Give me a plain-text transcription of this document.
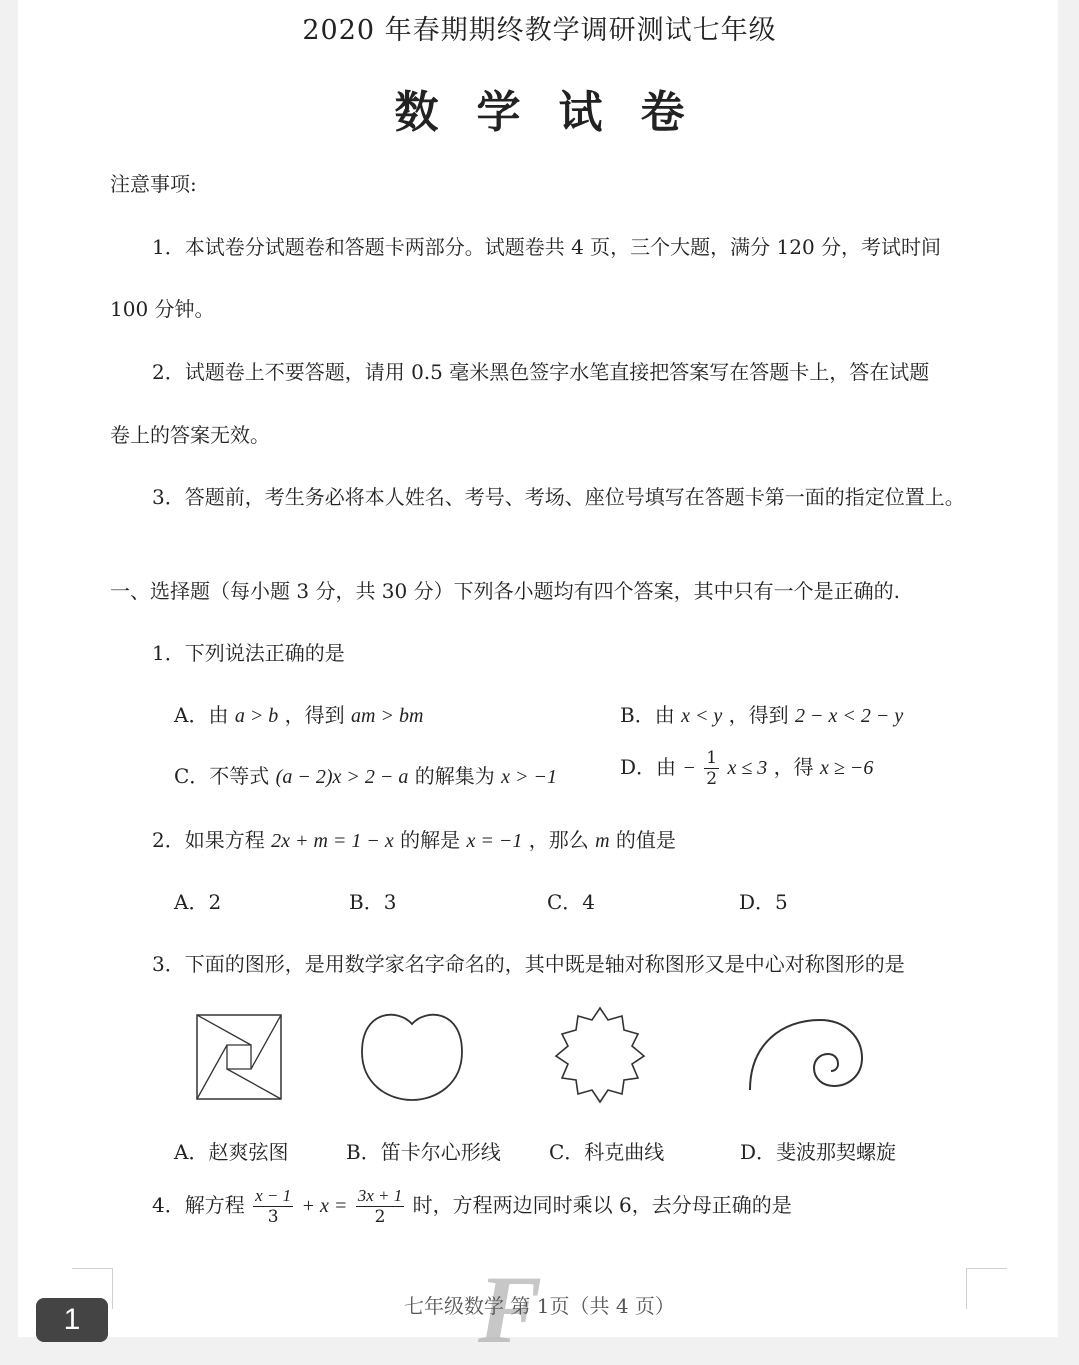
2020 年春期期终教学调研测试七年级
数学试卷
注意事项:
1．本试卷分试题卷和答题卡两部分。试题卷共 4 页，三个大题，满分 120 分，考试时间
100 分钟。
2．试题卷上不要答题，请用 0.5 毫米黑色签字水笔直接把答案写在答题卡上，答在试题
卷上的答案无效。
3．答题前，考生务必将本人姓名、考号、考场、座位号填写在答题卡第一面的指定位置上。
一、选择题（每小题 3 分，共 30 分）下列各小题均有四个答案，其中只有一个是正确的.
1．下列说法正确的是
A．由 a > b ，得到 am > bm	B．由 x < y ，得到 2 − x < 2 − y
C．不等式 (a − 2)x > 2 − a 的解集为 x > −1	D．由 − $\frac{1}{2}$ x ≤ 3 ，得 x ≥ −6
2．如果方程 2x + m = 1 − x 的解是 x = −1 ，那么 m 的值是
A．2	B．3	C．4	D．5
3．下面的图形，是用数学家名字命名的，其中既是轴对称图形又是中心对称图形的是
A．赵爽弦图	B．笛卡尔心形线 C．科克曲线	D．斐波那契螺旋
4．解方程 $\frac{x - 1}{3} + x = \frac{3x + 1}{2}$ 时，方程两边同时乘以 6，去分母正确的是
F
七年级数学 第 1页（共 4 页）
1
